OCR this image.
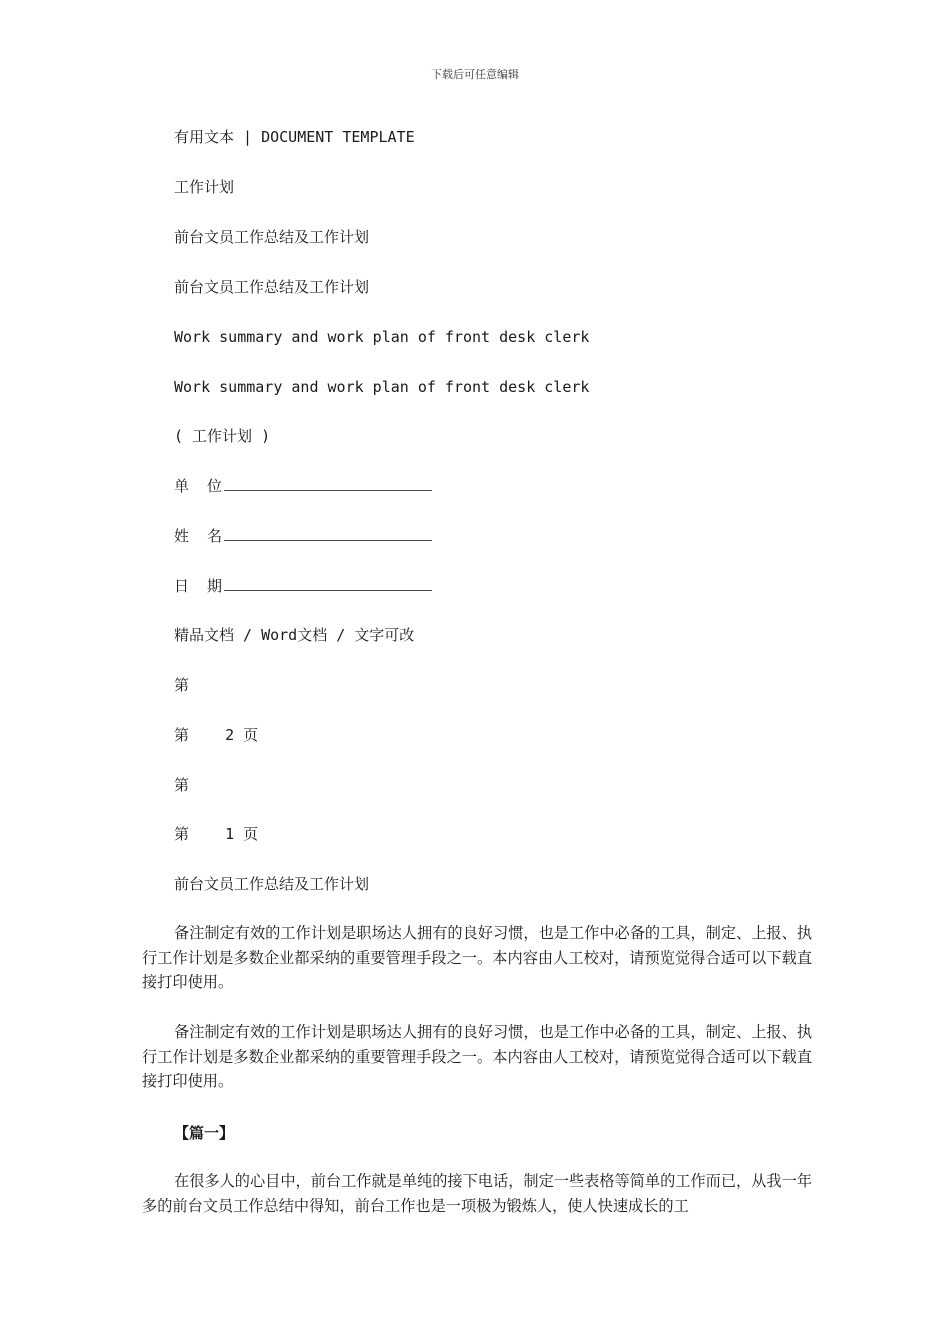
下载后可任意编辑
有用文本 | DOCUMENT TEMPLATE
工作计划
前台文员工作总结及工作计划
前台文员工作总结及工作计划
Work summary and work plan of front desk clerk
Work summary and work plan of front desk clerk
( 工作计划 )
单  位
姓  名
日  期
精品文档 / Word文档 / 文字可改
第
第    2 页
第
第    1 页
前台文员工作总结及工作计划
备注制定有效的工作计划是职场达人拥有的良好习惯，也是工作中必备的工具，制定、上报、执行工作计划是多数企业都采纳的重要管理手段之一。本内容由人工校对，请预览觉得合适可以下载直接打印使用。
备注制定有效的工作计划是职场达人拥有的良好习惯，也是工作中必备的工具，制定、上报、执行工作计划是多数企业都采纳的重要管理手段之一。本内容由人工校对，请预览觉得合适可以下载直接打印使用。
【篇一】
在很多人的心目中，前台工作就是单纯的接下电话，制定一些表格等简单的工作而已，从我一年多的前台文员工作总结中得知，前台工作也是一项极为锻炼人，使人快速成长的工
